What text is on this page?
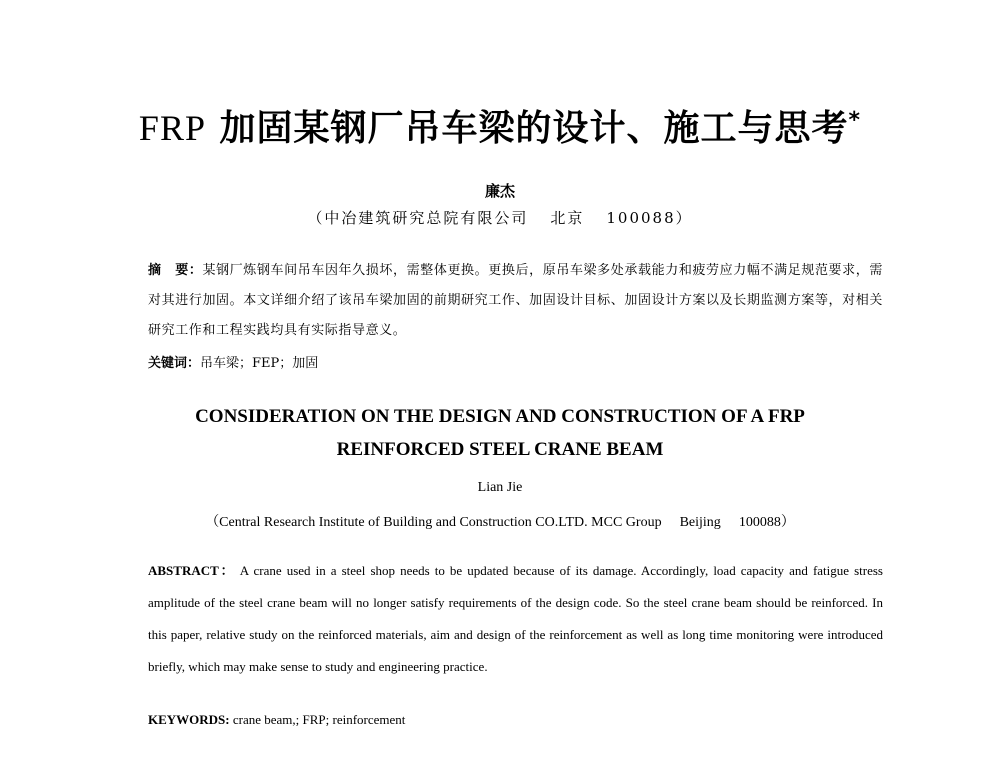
FRP 加固某钢厂吊车梁的设计、施工与思考*
廉杰
（中冶建筑研究总院有限公司 北京 100088）
摘　要：某钢厂炼钢车间吊车因年久损坏，需整体更换。更换后，原吊车梁多处承载能力和疲劳应力幅不满足规范要求，需对其进行加固。本文详细介绍了该吊车梁加固的前期研究工作、加固设计目标、加固设计方案以及长期监测方案等，对相关研究工作和工程实践均具有实际指导意义。
关键词：吊车梁；FEP；加固
CONSIDERATION ON THE DESIGN AND CONSTRUCTION OF A FRP
REINFORCED STEEL CRANE BEAM
Lian Jie
（Central Research Institute of Building and Construction CO.LTD. MCC Group Beijing 100088）
ABSTRACT： A crane used in a steel shop needs to be updated because of its damage. Accordingly, load capacity and fatigue stress amplitude of the steel crane beam will no longer satisfy requirements of the design code. So the steel crane beam should be reinforced. In this paper, relative study on the reinforced materials, aim and design of the reinforcement as well as long time monitoring were introduced briefly, which may make sense to study and engineering practice.
KEYWORDS: crane beam,; FRP; reinforcement
